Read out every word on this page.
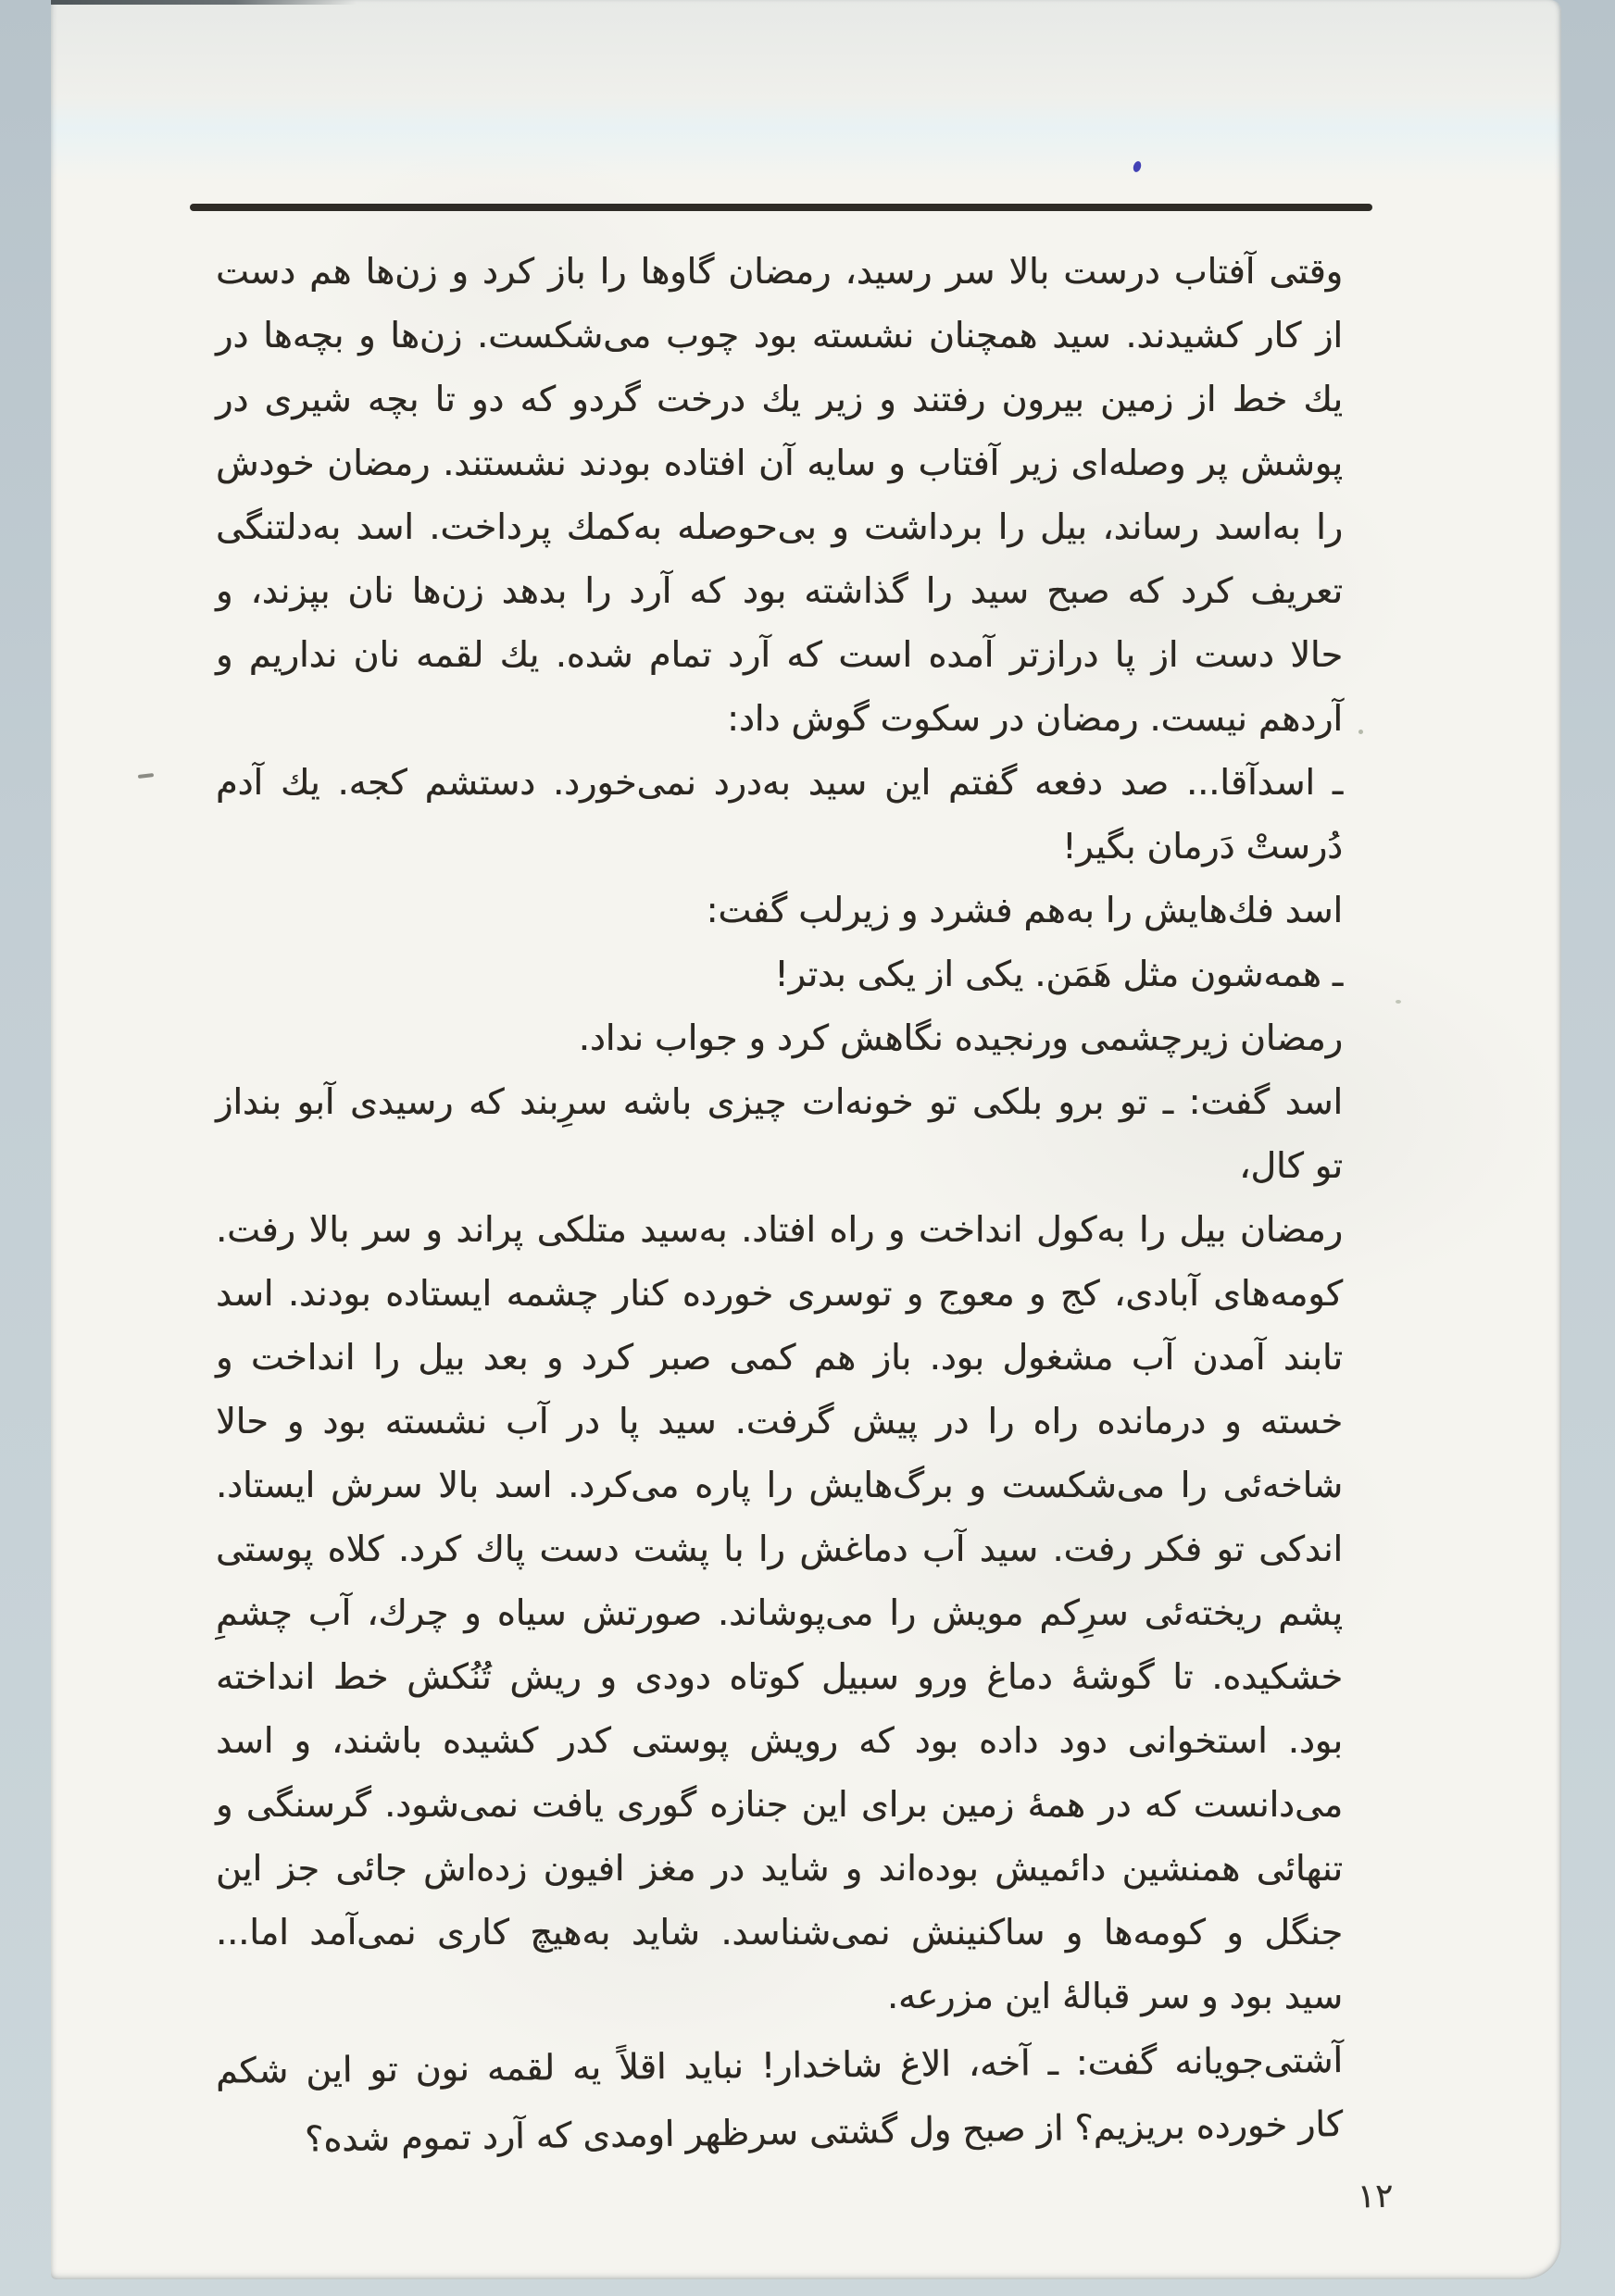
وقتی آفتاب درست بالا سر رسید، رمضان گاوها را باز کرد و زن‌ها هم دست
از کار کشیدند. سید همچنان نشسته بود چوب می‌شکست. زن‌ها و بچه‌ها در
یك خط از زمین بیرون رفتند و زیر یك درخت گردو که دو تا بچه شیری در
پوشش پر وصله‌ای زیر آفتاب و سایه آن افتاده بودند نشستند. رمضان خودش
را به‌اسد رساند، بیل را برداشت و بی‌حوصله به‌کمك پرداخت. اسد به‌دلتنگی
تعریف کرد که صبح سید را گذاشته بود که آرد را بدهد زن‌ها نان بپزند، و
حالا دست از پا درازتر آمده است که آرد تمام شده. یك لقمه نان نداریم و
آردهم نیست. رمضان در سکوت گوش داد:
ـ اسدآقا... صد دفعه گفتم این سید به‌درد نمی‌خورد. دستشم کجه. یك آدم
دُرستْ دَرمان بگیر!
اسد فك‌هایش را به‌هم فشرد و زیرلب گفت:
ـ همه‌شون مثل هَمَن. یکی از یکی بدتر!
رمضان زیرچشمی ورنجیده نگاهش کرد و جواب نداد.
اسد گفت: ـ تو برو بلکی تو خونه‌ات چیزی باشه سرِبند که رسیدی آبو بنداز
تو کال،
رمضان بیل را به‌کول انداخت و راه افتاد. به‌سید متلکی پراند و سر بالا رفت.
کومه‌های آبادی، کج و معوج و توسری خورده کنار چشمه ایستاده بودند. اسد
تابند آمدن آب مشغول بود. باز هم کمی صبر کرد و بعد بیل را انداخت و
خسته و درمانده راه را در پیش گرفت. سید پا در آب نشسته بود و حالا
شاخه‌ئی را می‌شکست و برگ‌هایش را پاره می‌کرد. اسد بالا سرش ایستاد.
اندکی تو فکر رفت. سید آب دماغش را با پشت دست پاك کرد. کلاه پوستی
پشم ریخته‌ئی سرِکم مویش را می‌پوشاند. صورتش سیاه و چرك، آب چشمِ
خشکیده. تا گوشهٔ دماغ ورو سبیل کوتاه دودی و ریش تُنُکش خط انداخته
بود. استخوانی دود داده بود که رویش پوستی کدر کشیده باشند، و اسد
می‌دانست که در همهٔ زمین برای این جنازه گوری یافت نمی‌شود. گرسنگی و
تنهائی همنشین دائمیش بوده‌اند و شاید در مغز افیون زده‌اش جائی جز این
جنگل و کومه‌ها و ساکنینش نمی‌شناسد. شاید به‌هیچ کاری نمی‌آمد اما...
سید بود و سر قبالهٔ این مزرعه.
آشتی‌جویانه گفت: ـ آخه، الاغ شاخدار! نباید اقلاً یه لقمه نون تو این شکم
کار خورده بریزیم؟ از صبح ول گشتی سرظهر اومدی که آرد تموم شده؟
۱۲
